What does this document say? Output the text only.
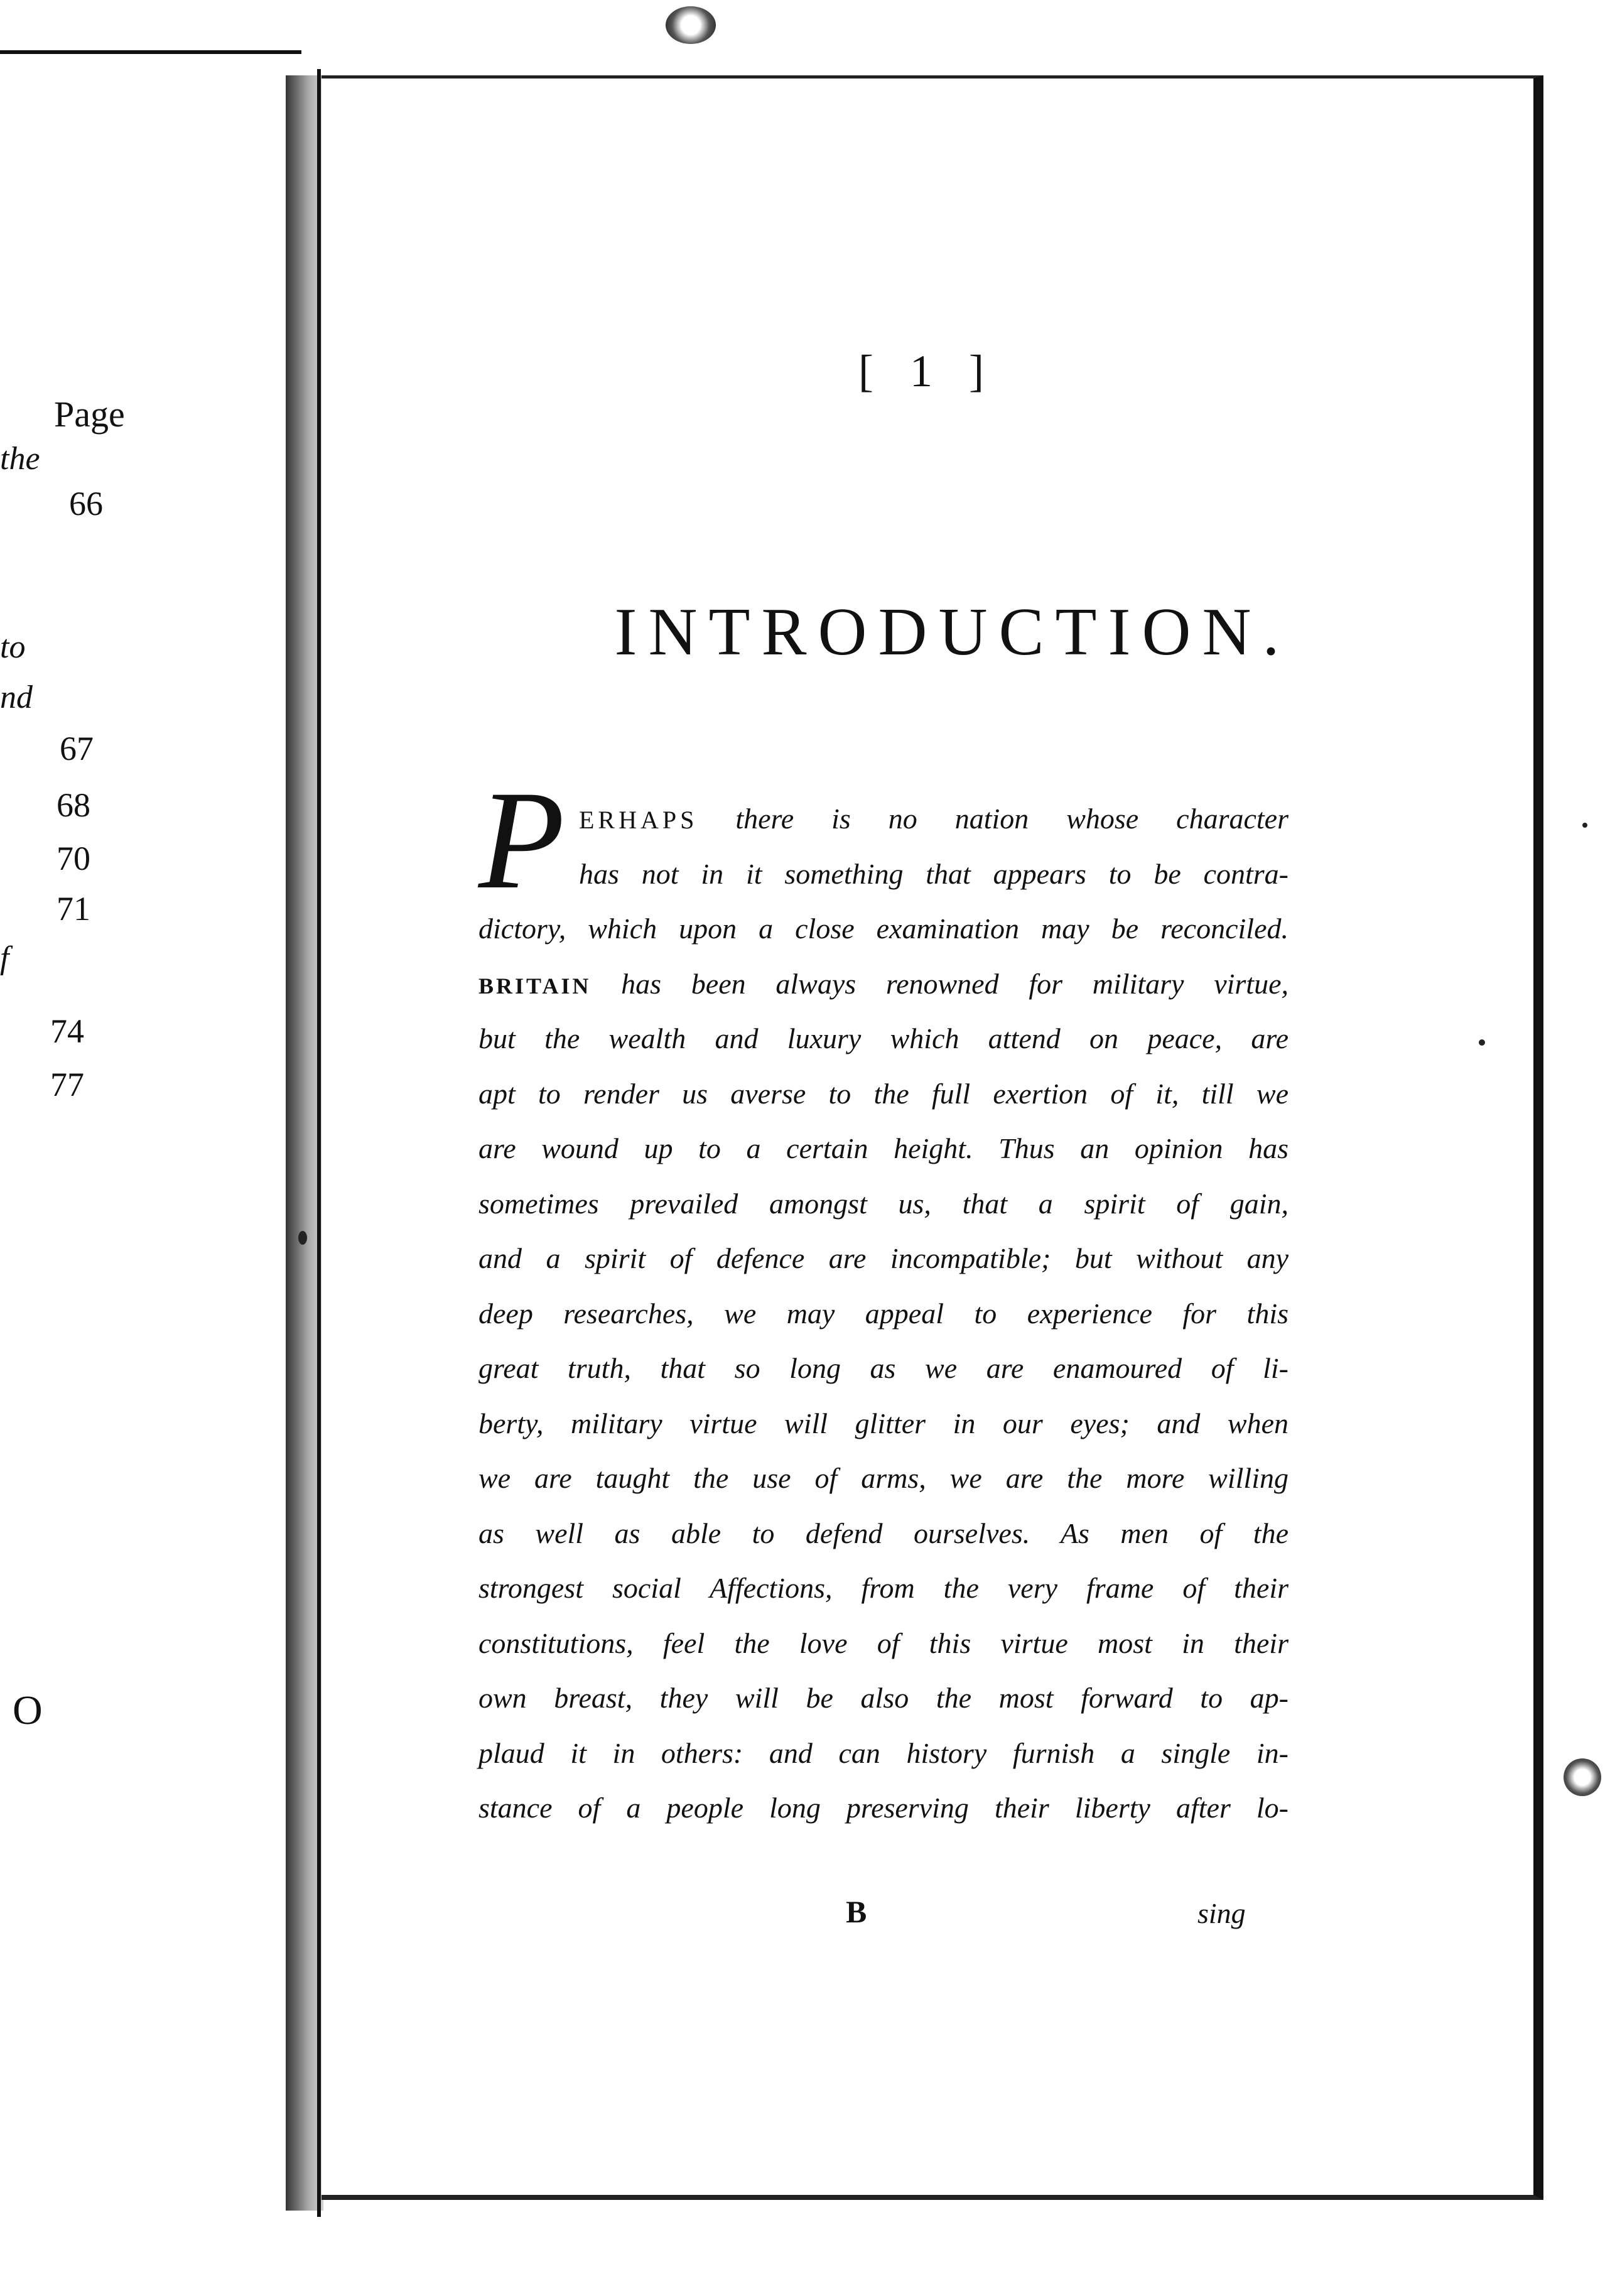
Page
the
66
to
nd
67
68
70
71
f
74
77
O
[ 1 ]
INTRODUCTION.
P ERHAPS there is no nation whose character
has not in it something that appears to be contra-
dictory, which upon a close examination may be reconciled.
BRITAIN has been always renowned for military virtue,
but the wealth and luxury which attend on peace, are
apt to render us averse to the full exertion of it, till we
are wound up to a certain height. Thus an opinion has
sometimes prevailed amongst us, that a spirit of gain,
and a spirit of defence are incompatible; but without any
deep researches, we may appeal to experience for this
great truth, that so long as we are enamoured of li-
berty, military virtue will glitter in our eyes; and when
we are taught the use of arms, we are the more willing
as well as able to defend ourselves. As men of the
strongest social Affections, from the very frame of their
constitutions, feel the love of this virtue most in their
own breast, they will be also the most forward to ap-
plaud it in others: and can history furnish a single in-
stance of a people long preserving their liberty after lo-
B	sing
